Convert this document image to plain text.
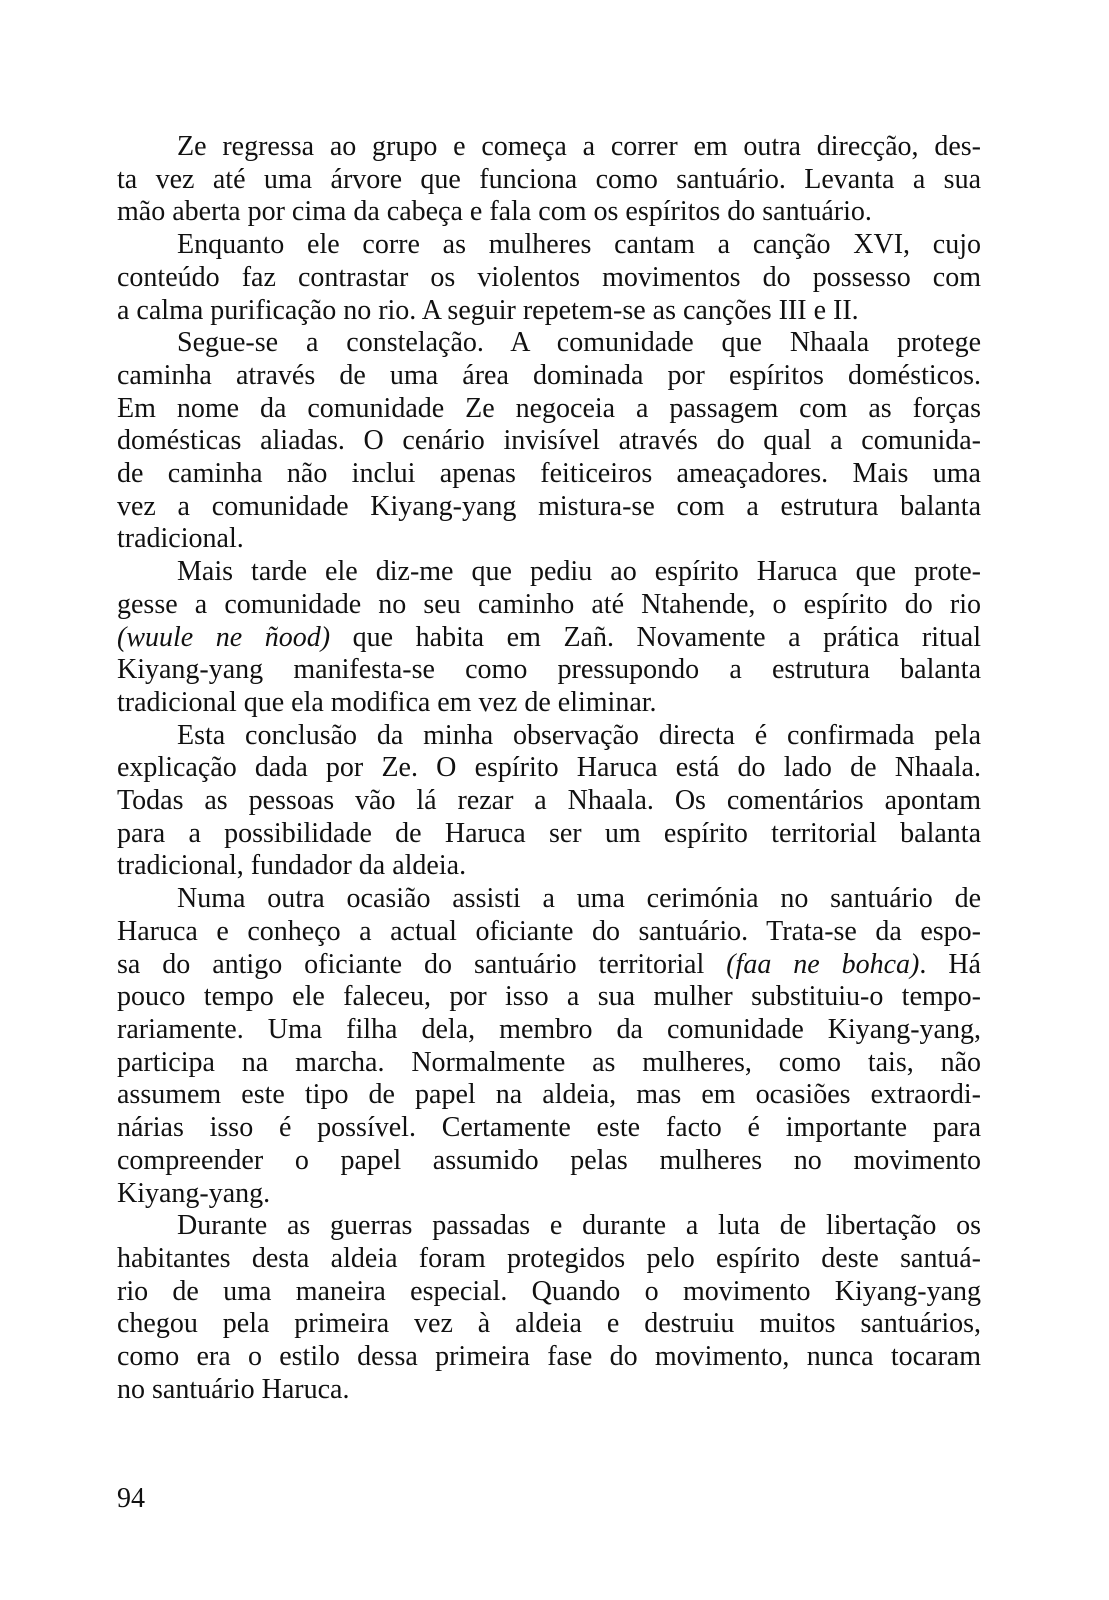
Ze regressa ao grupo e começa a correr em outra direcção, des-
ta vez até uma árvore que funciona como santuário. Levanta a sua
mão aberta por cima da cabeça e fala com os espíritos do santuário.
Enquanto ele corre as mulheres cantam a canção XVI, cujo
conteúdo faz contrastar os violentos movimentos do possesso com
a calma purificação no rio. A seguir repetem-se as canções III e II.
Segue-se a constelação. A comunidade que Nhaala protege
caminha através de uma área dominada por espíritos domésticos.
Em nome da comunidade Ze negoceia a passagem com as forças
domésticas aliadas. O cenário invisível através do qual a comunida-
de caminha não inclui apenas feiticeiros ameaçadores. Mais uma
vez a comunidade Kiyang-yang mistura-se com a estrutura balanta
tradicional.
Mais tarde ele diz-me que pediu ao espírito Haruca que prote-
gesse a comunidade no seu caminho até Ntahende, o espírito do rio
(wuule ne ñood) que habita em Zañ. Novamente a prática ritual
Kiyang-yang manifesta-se como pressupondo a estrutura balanta
tradicional que ela modifica em vez de eliminar.
Esta conclusão da minha observação directa é confirmada pela
explicação dada por Ze. O espírito Haruca está do lado de Nhaala.
Todas as pessoas vão lá rezar a Nhaala. Os comentários apontam
para a possibilidade de Haruca ser um espírito territorial balanta
tradicional, fundador da aldeia.
Numa outra ocasião assisti a uma cerimónia no santuário de
Haruca e conheço a actual oficiante do santuário. Trata-se da espo-
sa do antigo oficiante do santuário territorial (faa ne bohca). Há
pouco tempo ele faleceu, por isso a sua mulher substituiu-o tempo-
rariamente. Uma filha dela, membro da comunidade Kiyang-yang,
participa na marcha. Normalmente as mulheres, como tais, não
assumem este tipo de papel na aldeia, mas em ocasiões extraordi-
nárias isso é possível. Certamente este facto é importante para
compreender o papel assumido pelas mulheres no movimento
Kiyang-yang.
Durante as guerras passadas e durante a luta de libertação os
habitantes desta aldeia foram protegidos pelo espírito deste santuá-
rio de uma maneira especial. Quando o movimento Kiyang-yang
chegou pela primeira vez à aldeia e destruiu muitos santuários,
como era o estilo dessa primeira fase do movimento, nunca tocaram
no santuário Haruca.
94
